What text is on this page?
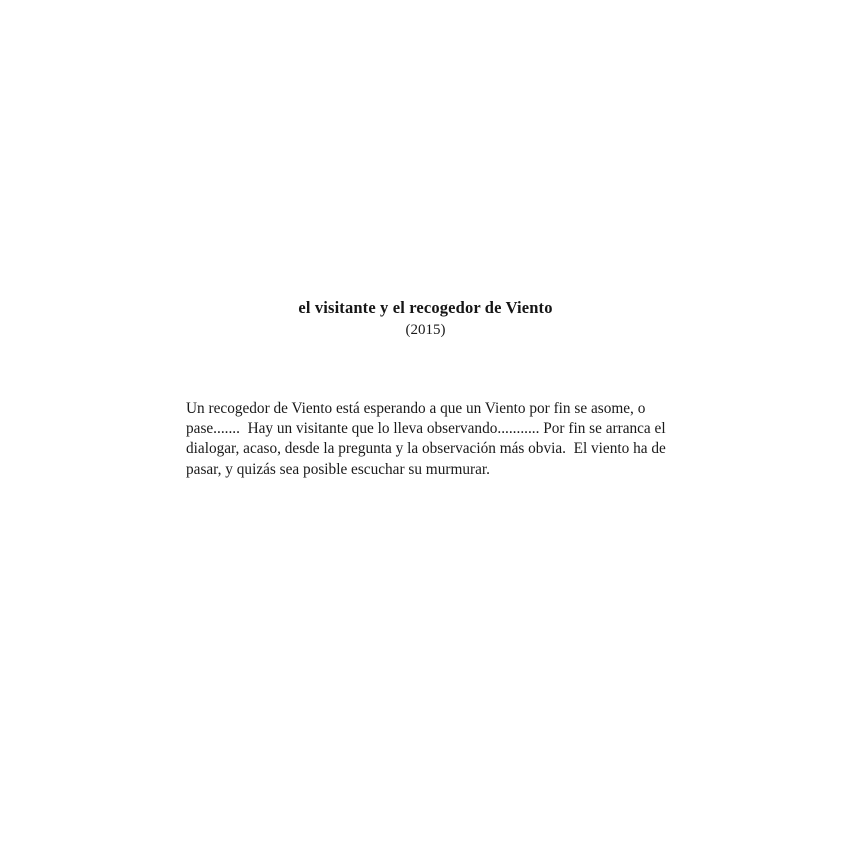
el visitante y el recogedor de Viento

(2015)

Un recogedor de Viento está esperando a que un Viento por fin se asome, o pase.......  Hay un visitante que lo lleva observando........... Por fin se arranca el dialogar, acaso, desde la pregunta y la observación más obvia.  El viento ha de pasar, y quizás sea posible escuchar su murmurar.
